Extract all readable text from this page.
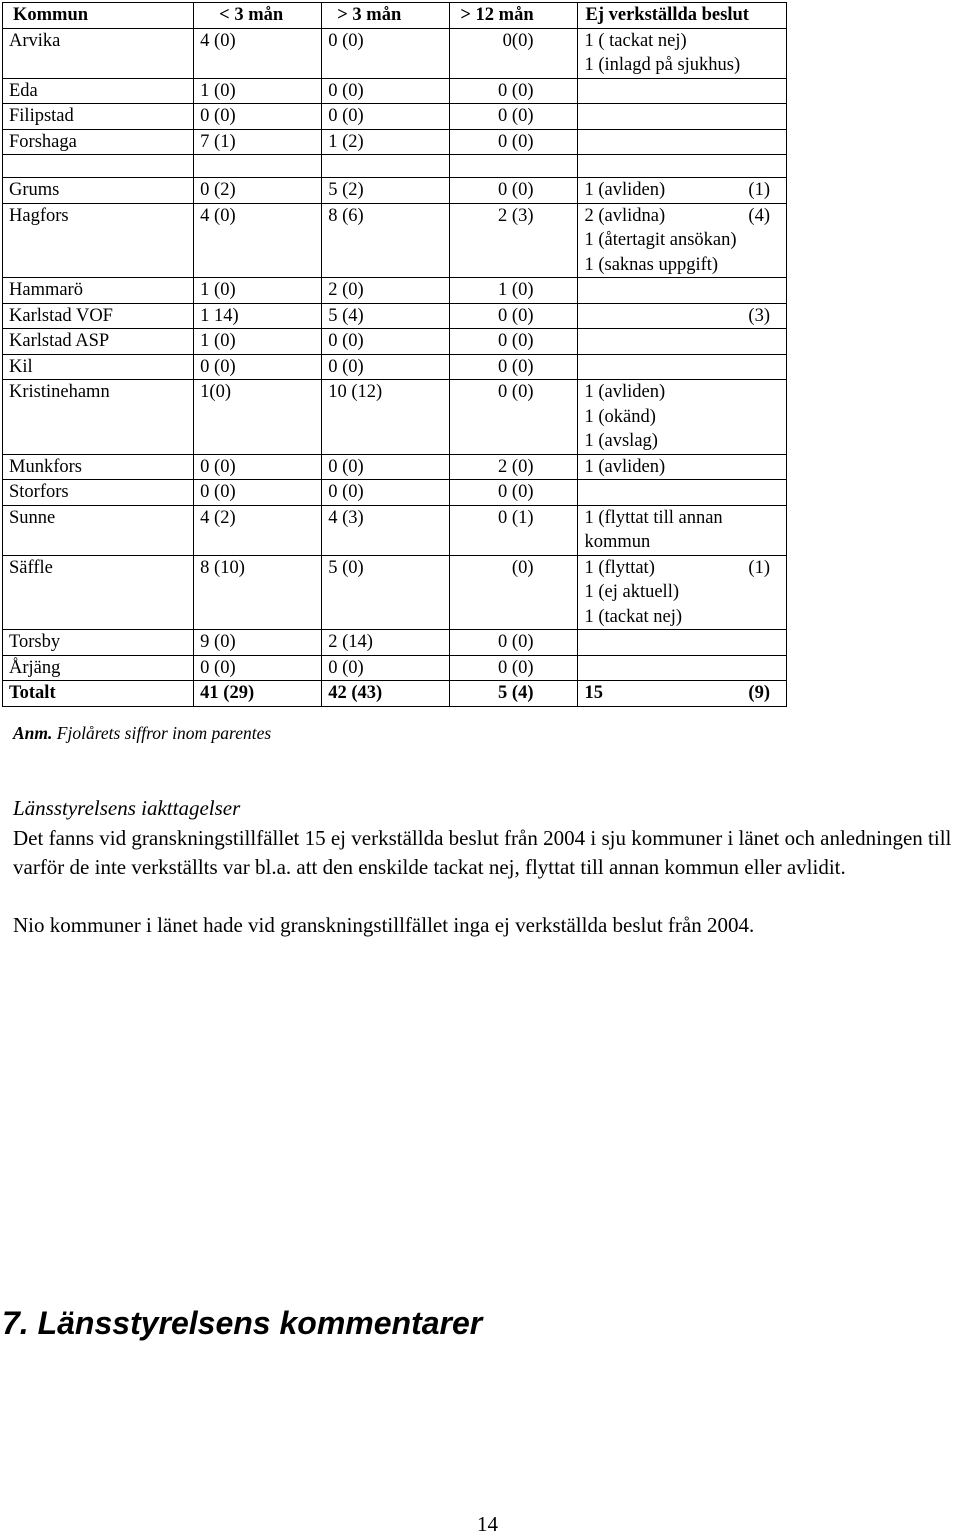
Kommun	< 3 mån	> 3 mån	> 12 mån	Ej verkställda beslut
Arvika	4 (0)	0 (0)	0(0)	1 ( tackat nej)
1 (inlagd på sjukhus)

Eda	1 (0)	0 (0)	0 (0)	
Filipstad	0 (0)	0 (0)	0 (0)	
Forshaga	7 (1)	1 (2)	0 (0)	

Grums	0 (2)	5 (2)	0 (0)	1 (avliden) (1)

Hagfors	4 (0)	8 (6)	2 (3)	2 (avlidna) (4)
1 (återtagit ansökan)
1 (saknas uppgift)

Hammarö	1 (0)	2 (0)	1 (0)	
Karlstad VOF	1 14)	5 (4)	0 (0)	(3)

Karlstad ASP	1 (0)	0 (0)	0 (0)	
Kil	0 (0)	0 (0)	0 (0)	
Kristinehamn	1(0)	10 (12)	0 (0)	1 (avliden)
1 (okänd)
1 (avslag)

Munkfors	0 (0)	0 (0)	2 (0)	1 (avliden)

Storfors	0 (0)	0 (0)	0 (0)	
Sunne	4 (2)	4 (3)	0 (1)	1 (flyttat till annan
kommun

Säffle	8 (10)	5 (0)	(0)	1 (flyttat) (1)
1 (ej aktuell)
1 (tackat nej)

Torsby	9 (0)	2 (14)	0 (0)	
Årjäng	0 (0)	0 (0)	0 (0)	
Totalt	41 (29)	42 (43)	5 (4)	15 (9)
Anm. Fjolårets siffror inom parentes
Länsstyrelsens iakttagelser
Det fanns vid granskningstillfället 15 ej verkställda beslut från 2004 i sju kommuner i länet och anledningen till varför de inte verkställts var bl.a. att den enskilde tackat nej, flyttat till annan kommun eller avlidit.
Nio kommuner i länet hade vid granskningstillfället inga ej verkställda beslut från 2004.
7. Länsstyrelsens kommentarer
14
